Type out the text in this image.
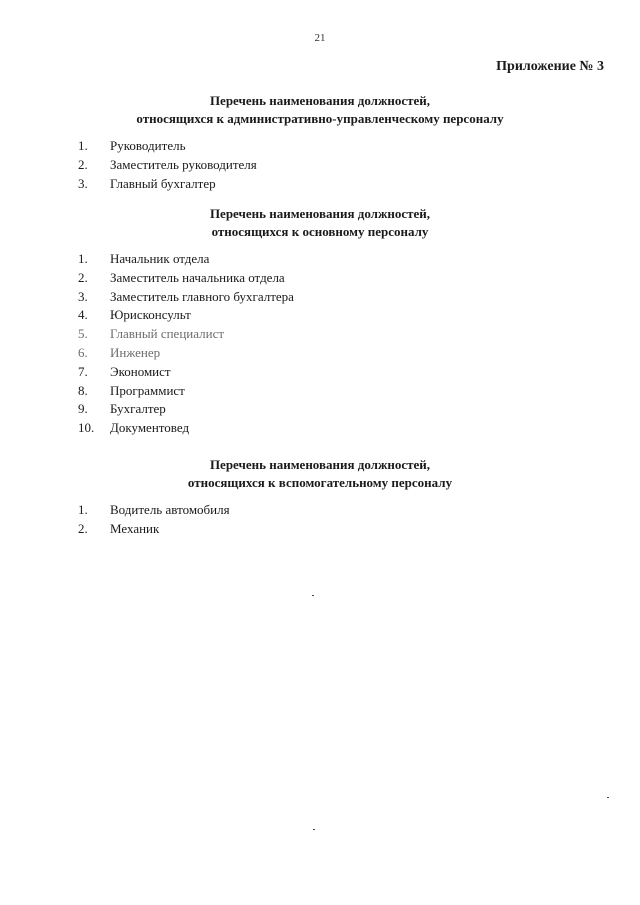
21
Приложение № 3
Перечень наименования должностей,
относящихся к административно-управленческому персоналу
1. Руководитель
2. Заместитель руководителя
3. Главный бухгалтер
Перечень наименования должностей,
относящихся к основному персоналу
1. Начальник отдела
2. Заместитель начальника отдела
3. Заместитель главного бухгалтера
4. Юрисконсульт
5. Главный специалист
6. Инженер
7. Экономист
8. Программист
9. Бухгалтер
10. Документовед
Перечень наименования должностей,
относящихся к вспомогательному персоналу
1. Водитель автомобиля
2. Механик
